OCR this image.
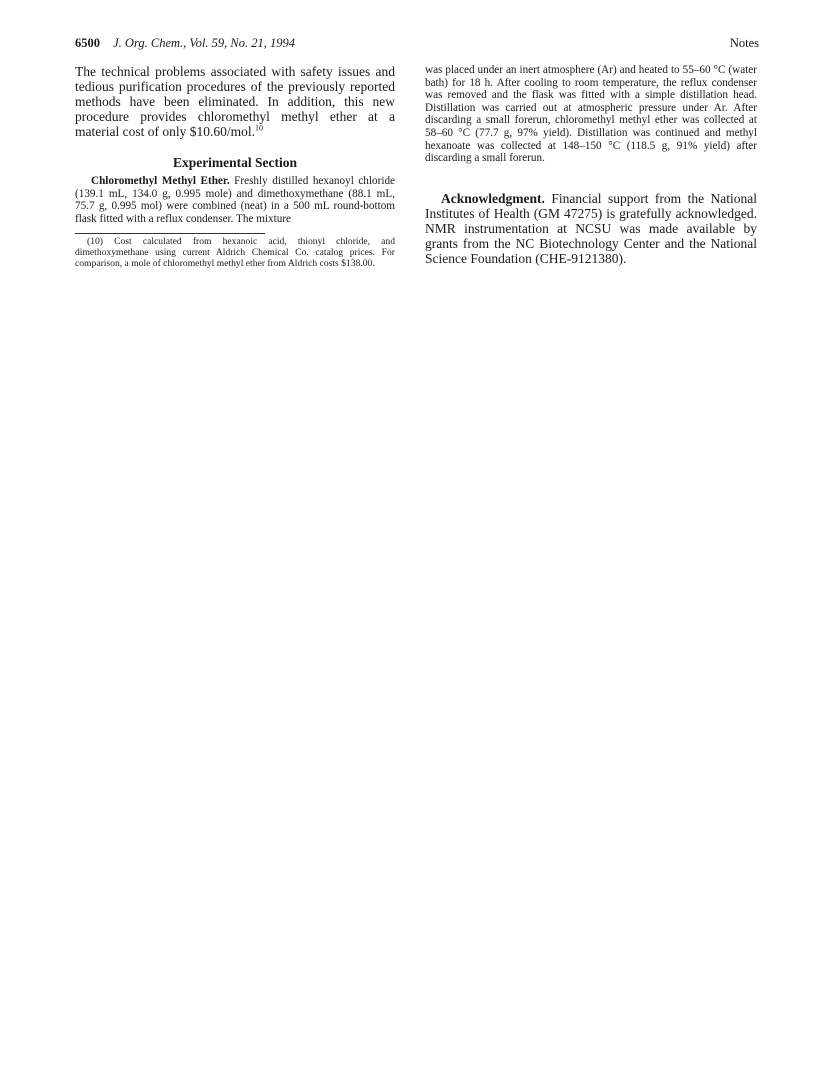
6500 J. Org. Chem., Vol. 59, No. 21, 1994	Notes

The technical problems associated with safety issues and tedious purification procedures of the previously reported methods have been eliminated. In addition, this new procedure provides chloromethyl methyl ether at a material cost of only $10.60/mol.$^{10}$

Experimental Section

Chloromethyl Methyl Ether. Freshly distilled hexanoyl chloride (139.1 mL, 134.0 g, 0.995 mole) and dimethoxymethane (88.1 mL, 75.7 g, 0.995 mol) were combined (neat) in a 500 mL round-bottom flask fitted with a reflux condenser. The mixture

(10) Cost calculated from hexanoic acid, thionyl chloride, and dimethoxymethane using current Aldrich Chemical Co. catalog prices. For comparison, a mole of chloromethyl methyl ether from Aldrich costs $138.00.

was placed under an inert atmosphere (Ar) and heated to 55–60 °C (water bath) for 18 h. After cooling to room temperature, the reflux condenser was removed and the flask was fitted with a simple distillation head. Distillation was carried out at atmospheric pressure under Ar. After discarding a small forerun, chloromethyl methyl ether was collected at 58–60 °C (77.7 g, 97% yield). Distillation was continued and methyl hexanoate was collected at 148–150 °C (118.5 g, 91% yield) after discarding a small forerun.

Acknowledgment. Financial support from the National Institutes of Health (GM 47275) is gratefully acknowledged. NMR instrumentation at NCSU was made available by grants from the NC Biotechnology Center and the National Science Foundation (CHE-9121380).
